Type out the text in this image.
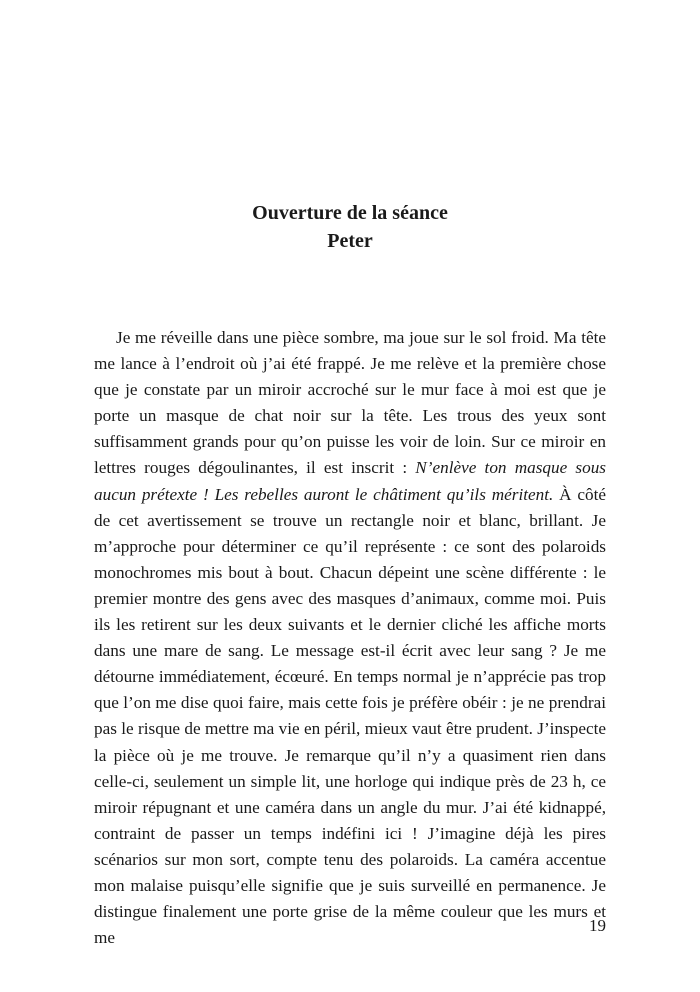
Ouverture de la séance
Peter

Je me réveille dans une pièce sombre, ma joue sur le sol froid. Ma tête me lance à l’endroit où j’ai été frappé. Je me relève et la première chose que je constate par un miroir accroché sur le mur face à moi est que je porte un masque de chat noir sur la tête. Les trous des yeux sont suffisamment grands pour qu’on puisse les voir de loin. Sur ce miroir en lettres rouges dégoulinantes, il est inscrit : N’enlève ton masque sous aucun prétexte ! Les rebelles auront le châtiment qu’ils méritent. À côté de cet avertissement se trouve un rectangle noir et blanc, brillant. Je m’approche pour déterminer ce qu’il représente : ce sont des polaroids monochromes mis bout à bout. Chacun dépeint une scène différente : le premier montre des gens avec des masques d’animaux, comme moi. Puis ils les retirent sur les deux suivants et le dernier cliché les affiche morts dans une mare de sang. Le message est-il écrit avec leur sang ? Je me détourne immédiatement, écœuré. En temps normal je n’apprécie pas trop que l’on me dise quoi faire, mais cette fois je préfère obéir : je ne prendrai pas le risque de mettre ma vie en péril, mieux vaut être prudent. J’inspecte la pièce où je me trouve. Je remarque qu’il n’y a quasiment rien dans celle-ci, seulement un simple lit, une horloge qui indique près de 23 h, ce miroir répugnant et une caméra dans un angle du mur. J’ai été kidnappé, contraint de passer un temps indéfini ici ! J’imagine déjà les pires scénarios sur mon sort, compte tenu des polaroids. La caméra accentue mon malaise puisqu’elle signifie que je suis surveillé en permanence. Je distingue finalement une porte grise de la même couleur que les murs et me

19
